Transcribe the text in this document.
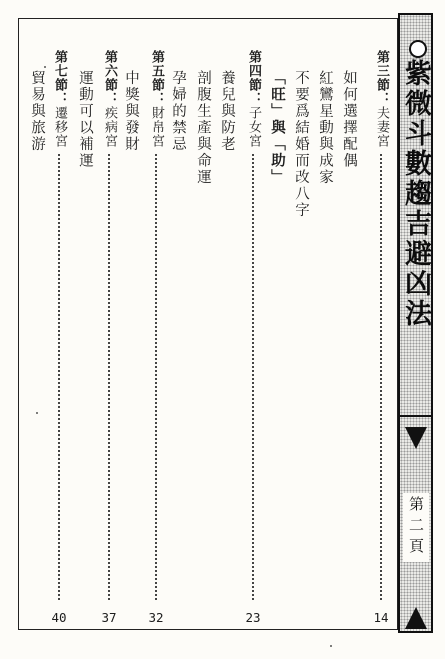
第三節：
夫妻宮
14
如何選擇配偶
紅鸞星動與成家
不要爲結婚而改八字
「旺」與「助」
第四節：
子女宮
23
養兒與防老
剖腹生產與命運
孕婦的禁忌
第五節：
財帛宮
32
中獎與發財
第六節：
疾病宮
37
運動可以補運
第七節：
遷移宮
40
貿易與旅游	紫微斗數趨吉避凶法
第二頁
